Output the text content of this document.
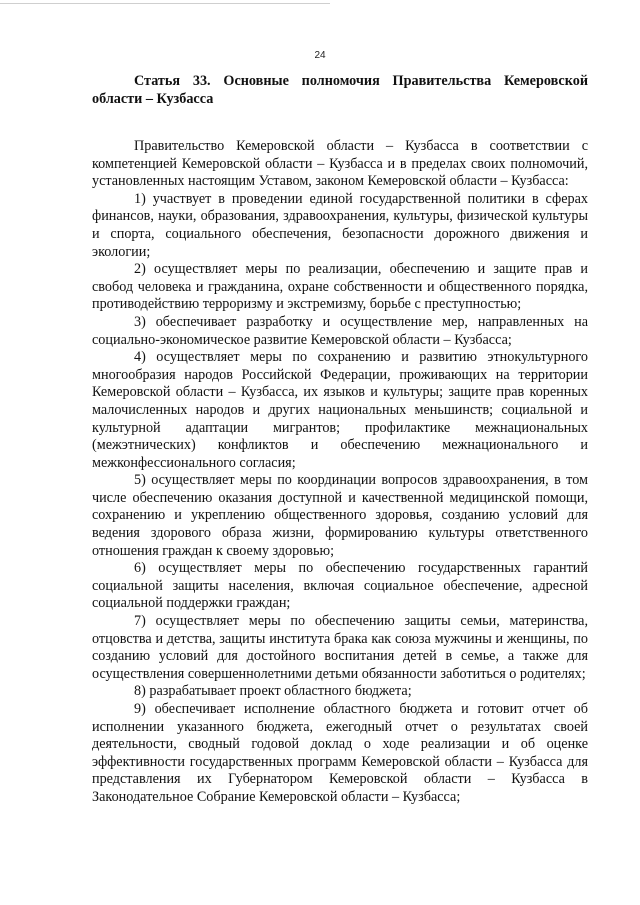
24

Статья 33. Основные полномочия Правительства Кемеровской области – Кузбасса

Правительство Кемеровской области – Кузбасса в соответствии с компетенцией Кемеровской области – Кузбасса и в пределах своих полномочий, установленных настоящим Уставом, законом Кемеровской области – Кузбасса:

1) участвует в проведении единой государственной политики в сферах финансов, науки, образования, здравоохранения, культуры, физической культуры и спорта, социального обеспечения, безопасности дорожного движения и экологии;

2) осуществляет меры по реализации, обеспечению и защите прав и свобод человека и гражданина, охране собственности и общественного порядка, противодействию терроризму и экстремизму, борьбе с преступностью;

3) обеспечивает разработку и осуществление мер, направленных на социально-экономическое развитие Кемеровской области – Кузбасса;

4) осуществляет меры по сохранению и развитию этнокультурного многообразия народов Российской Федерации, проживающих на территории Кемеровской области – Кузбасса, их языков и культуры; защите прав коренных малочисленных народов и других национальных меньшинств; социальной и культурной адаптации мигрантов; профилактике межнациональных (межэтнических) конфликтов и обеспечению межнационального и межконфессионального согласия;

5) осуществляет меры по координации вопросов здравоохранения, в том числе обеспечению оказания доступной и качественной медицинской помощи, сохранению и укреплению общественного здоровья, созданию условий для ведения здорового образа жизни, формированию культуры ответственного отношения граждан к своему здоровью;

6) осуществляет меры по обеспечению государственных гарантий социальной защиты населения, включая социальное обеспечение, адресной социальной поддержки граждан;

7) осуществляет меры по обеспечению защиты семьи, материнства, отцовства и детства, защиты института брака как союза мужчины и женщины, по созданию условий для достойного воспитания детей в семье, а также для осуществления совершеннолетними детьми обязанности заботиться о родителях;

8) разрабатывает проект областного бюджета;

9) обеспечивает исполнение областного бюджета и готовит отчет об исполнении указанного бюджета, ежегодный отчет о результатах своей деятельности, сводный годовой доклад о ходе реализации и об оценке эффективности государственных программ Кемеровской области – Кузбасса для представления их Губернатором Кемеровской области – Кузбасса в Законодательное Собрание Кемеровской области – Кузбасса;
